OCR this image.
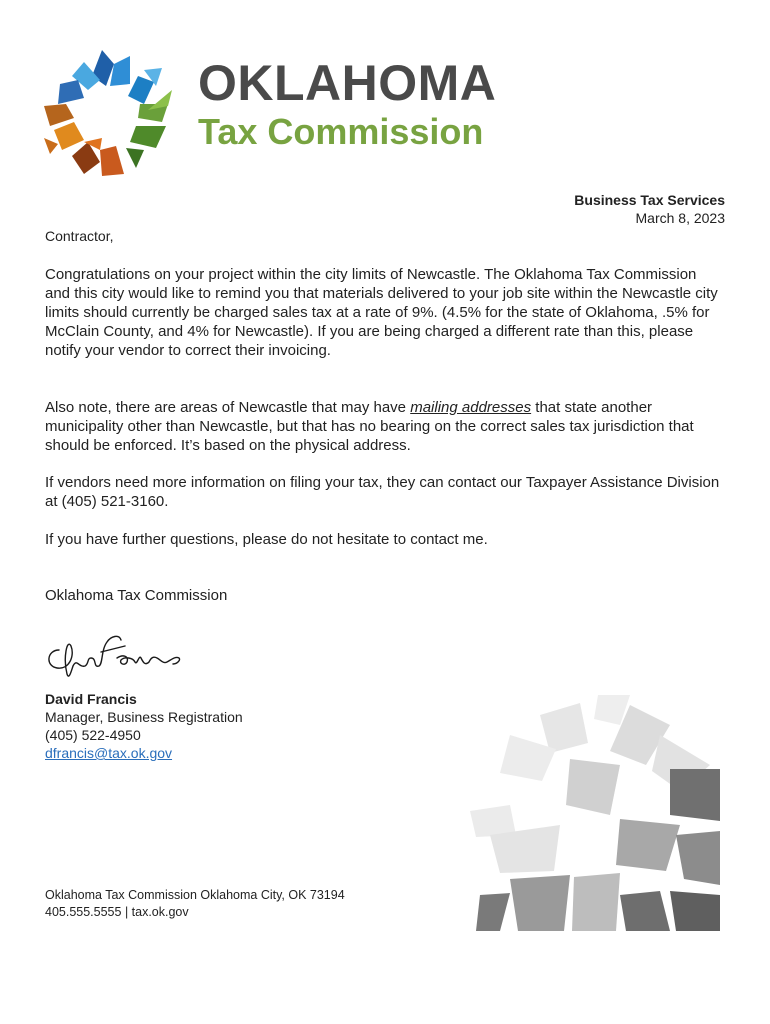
OKLAHOMA
Tax Commission
Business Tax Services
March 8, 2023
Contractor,
Congratulations on your project within the city limits of Newcastle. The Oklahoma Tax Commission and this city would like to remind you that materials delivered to your job site within the Newcastle city limits should currently be charged sales tax at a rate of 9%. (4.5% for the state of Oklahoma, .5% for McClain County, and 4% for Newcastle). If you are being charged a different rate than this, please notify your vendor to correct their invoicing.
Also note, there are areas of Newcastle that may have mailing addresses that state another municipality other than Newcastle, but that has no bearing on the correct sales tax jurisdiction that should be enforced. It’s based on the physical address.
If vendors need more information on filing your tax, they can contact our Taxpayer Assistance Division at (405) 521-3160.
If you have further questions, please do not hesitate to contact me.
Oklahoma Tax Commission
David Francis
Manager, Business Registration
(405) 522-4950
dfrancis@tax.ok.gov
Oklahoma Tax Commission Oklahoma City, OK 73194
405.555.5555 | tax.ok.gov
